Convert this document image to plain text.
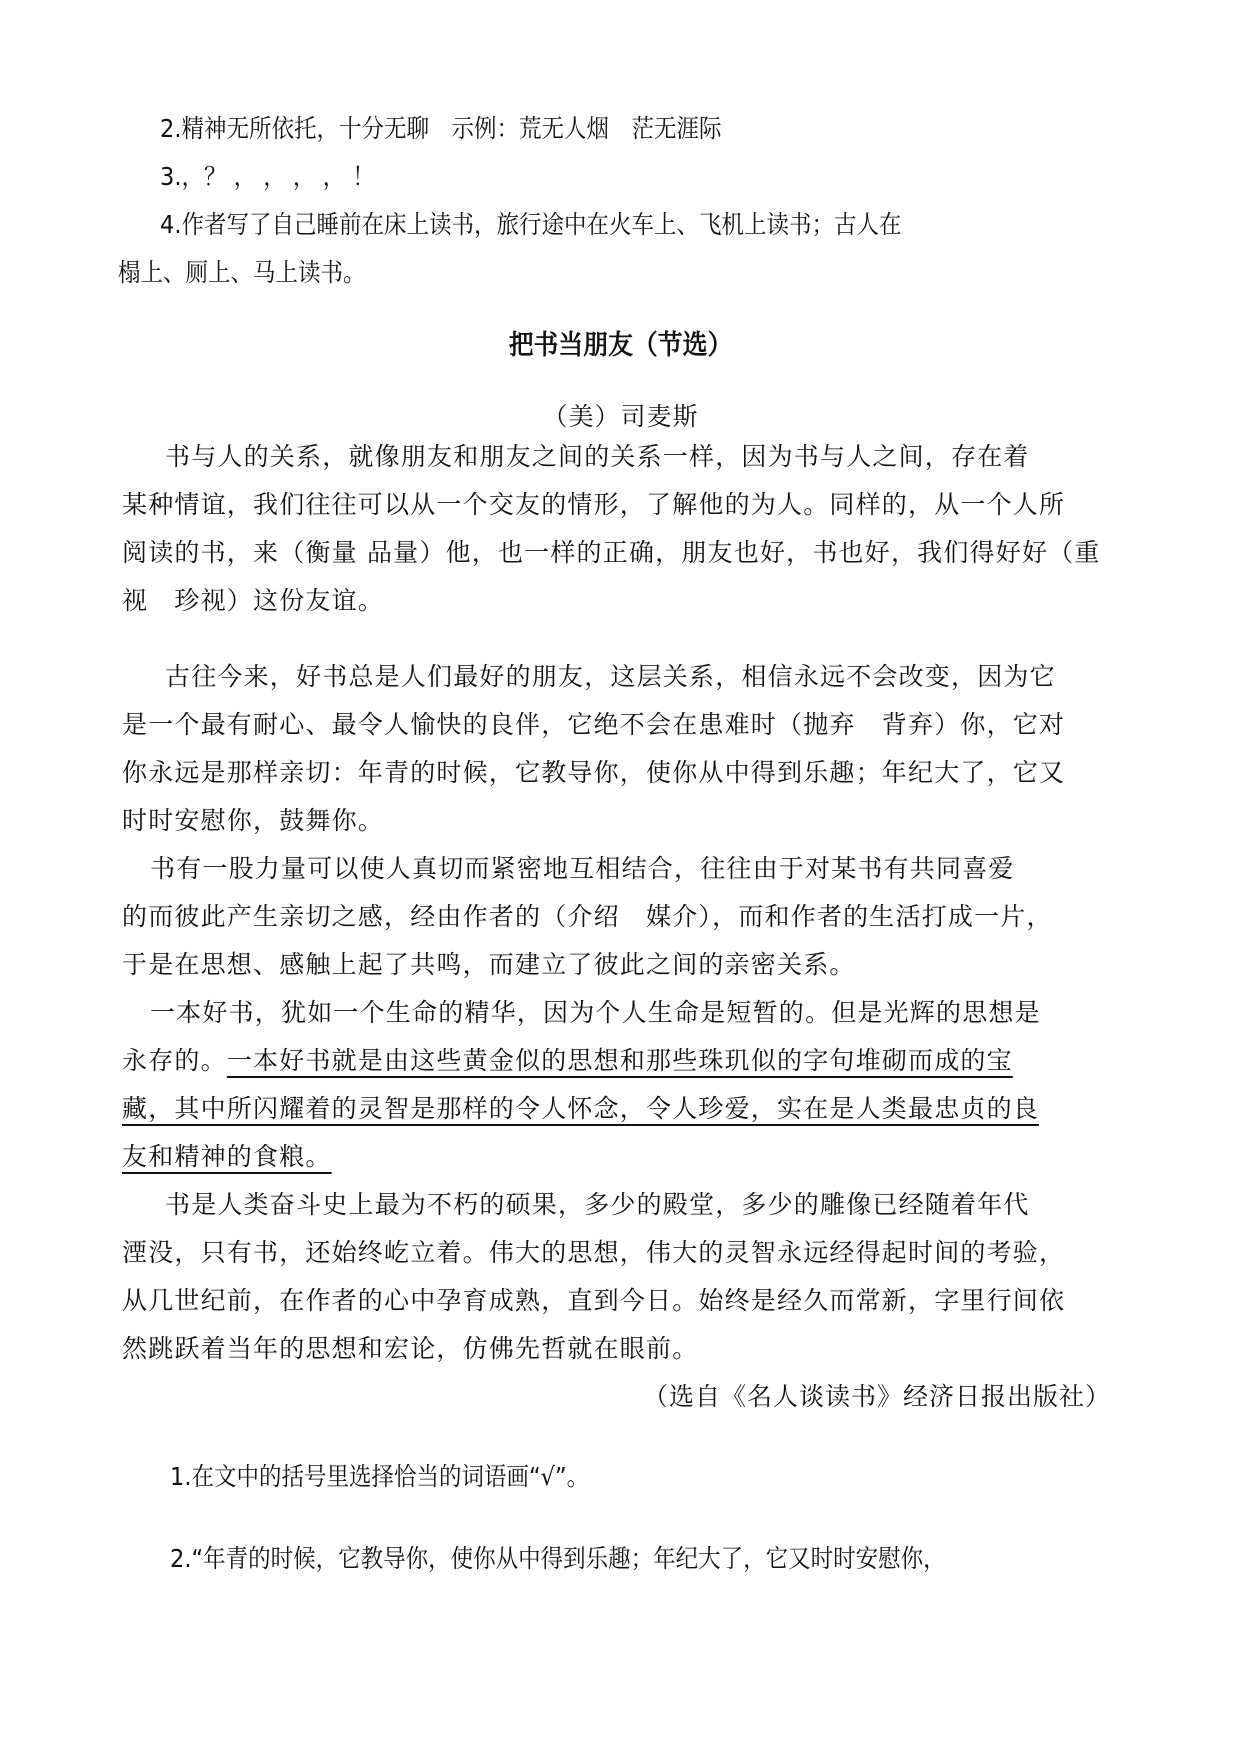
2.精神无所依托，十分无聊　示例：荒无人烟　茫无涯际
3.，？ ， ， ， ， ！
4.作者写了自己睡前在床上读书，旅行途中在火车上、飞机上读书；古人在
榻上、厕上、马上读书。
把书当朋友（节选）
（美）司麦斯
书与人的关系，就像朋友和朋友之间的关系一样，因为书与人之间，存在着
某种情谊，我们往往可以从一个交友的情形，了解他的为人。同样的，从一个人所
阅读的书，来（衡量 品量）他，也一样的正确，朋友也好，书也好，我们得好好（重
视　珍视）这份友谊。
古往今来，好书总是人们最好的朋友，这层关系，相信永远不会改变，因为它
是一个最有耐心、最令人愉快的良伴，它绝不会在患难时（抛弃　背弃）你，它对
你永远是那样亲切：年青的时候，它教导你，使你从中得到乐趣；年纪大了，它又
时时安慰你，鼓舞你。
书有一股力量可以使人真切而紧密地互相结合，往往由于对某书有共同喜爱
的而彼此产生亲切之感，经由作者的（介绍　媒介），而和作者的生活打成一片，
于是在思想、感触上起了共鸣，而建立了彼此之间的亲密关系。
一本好书，犹如一个生命的精华，因为个人生命是短暂的。但是光辉的思想是
永存的。一本好书就是由这些黄金似的思想和那些珠玑似的字句堆砌而成的宝
藏，其中所闪耀着的灵智是那样的令人怀念，令人珍爱，实在是人类最忠贞的良
友和精神的食粮。
书是人类奋斗史上最为不朽的硕果，多少的殿堂，多少的雕像已经随着年代
湮没，只有书，还始终屹立着。伟大的思想，伟大的灵智永远经得起时间的考验，
从几世纪前，在作者的心中孕育成熟，直到今日。始终是经久而常新，字里行间依
然跳跃着当年的思想和宏论，仿佛先哲就在眼前。
（选自《名人谈读书》经济日报出版社）
1.在文中的括号里选择恰当的词语画“√”。
2.“年青的时候，它教导你，使你从中得到乐趣；年纪大了，它又时时安慰你，
